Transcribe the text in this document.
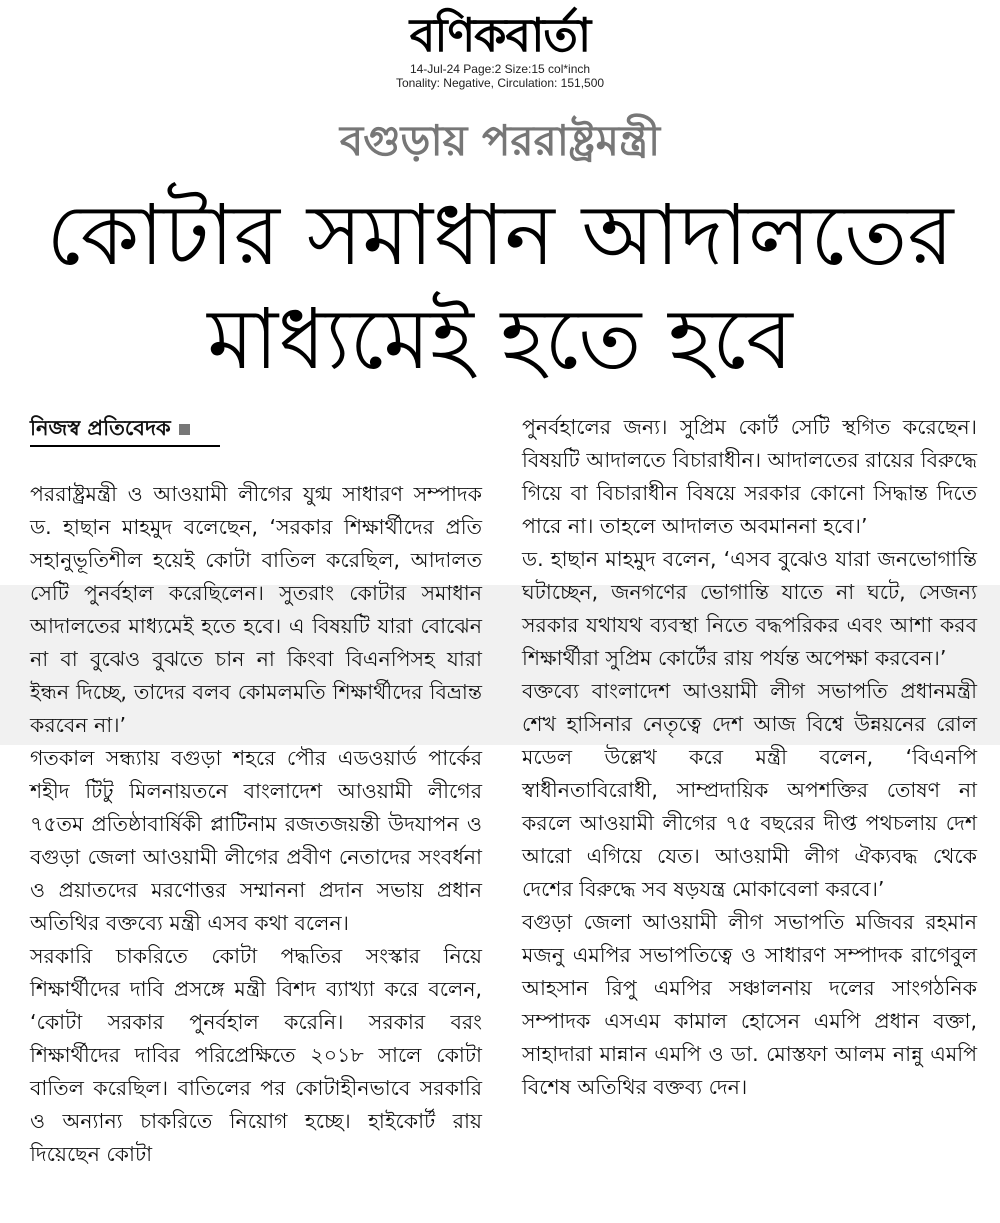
বণিকবার্তা
14-Jul-24 Page:2 Size:15 col*inch
Tonality: Negative, Circulation: 151,500
বগুড়ায় পররাষ্ট্রমন্ত্রী
কোটার সমাধান আদালতের
মাধ্যমেই হতে হবে
নিজস্ব প্রতিবেদক

পররাষ্ট্রমন্ত্রী ও আওয়ামী লীগের যুগ্ম সাধারণ সম্পাদক ড. হাছান মাহমুদ বলেছেন, ‘সরকার শিক্ষার্থীদের প্রতি সহানুভূতিশীল হয়েই কোটা বাতিল করেছিল, আদালত সেটি পুনর্বহাল করেছিলেন। সুতরাং কোটার সমাধান আদালতের মাধ্যমেই হতে হবে। এ বিষয়টি যারা বোঝেন না বা বুঝেও বুঝতে চান না কিংবা বিএনপিসহ যারা ইন্ধন দিচ্ছে, তাদের বলব কোমলমতি শিক্ষার্থীদের বিভ্রান্ত করবেন না।’

গতকাল সন্ধ্যায় বগুড়া শহরে পৌর এডওয়ার্ড পার্কের শহীদ টিটু মিলনায়তনে বাংলাদেশ আওয়ামী লীগের ৭৫তম প্রতিষ্ঠাবার্ষিকী প্লাটিনাম রজতজয়ন্তী উদযাপন ও বগুড়া জেলা আওয়ামী লীগের প্রবীণ নেতাদের সংবর্ধনা ও প্রয়াতদের মরণোত্তর সম্মাননা প্রদান সভায় প্রধান অতিথির বক্তব্যে মন্ত্রী এসব কথা বলেন।

সরকারি চাকরিতে কোটা পদ্ধতির সংস্কার নিয়ে শিক্ষার্থীদের দাবি প্রসঙ্গে মন্ত্রী বিশদ ব্যাখ্যা করে বলেন, ‘কোটা সরকার পুনর্বহাল করেনি। সরকার বরং শিক্ষার্থীদের দাবির পরিপ্রেক্ষিতে ২০১৮ সালে কোটা বাতিল করেছিল। বাতিলের পর কোটাহীনভাবে সরকারি ও অন্যান্য চাকরিতে নিয়োগ হচ্ছে। হাইকোর্ট রায় দিয়েছেন কোটা

পুনর্বহালের জন্য। সুপ্রিম কোর্ট সেটি স্থগিত করেছেন। বিষয়টি আদালতে বিচারাধীন। আদালতের রায়ের বিরুদ্ধে গিয়ে বা বিচারাধীন বিষয়ে সরকার কোনো সিদ্ধান্ত দিতে পারে না। তাহলে আদালত অবমাননা হবে।’

ড. হাছান মাহমুদ বলেন, ‘এসব বুঝেও যারা জনভোগান্তি ঘটাচ্ছেন, জনগণের ভোগান্তি যাতে না ঘটে, সেজন্য সরকার যথাযথ ব্যবস্থা নিতে বদ্ধপরিকর এবং আশা করব শিক্ষার্থীরা সুপ্রিম কোর্টের রায় পর্যন্ত অপেক্ষা করবেন।’

বক্তব্যে বাংলাদেশ আওয়ামী লীগ সভাপতি প্রধানমন্ত্রী শেখ হাসিনার নেতৃত্বে দেশ আজ বিশ্বে উন্নয়নের রোল মডেল উল্লেখ করে মন্ত্রী বলেন, ‘বিএনপি স্বাধীনতাবিরোধী, সাম্প্রদায়িক অপশক্তির তোষণ না করলে আওয়ামী লীগের ৭৫ বছরের দীপ্ত পথচলায় দেশ আরো এগিয়ে যেত। আওয়ামী লীগ ঐক্যবদ্ধ থেকে দেশের বিরুদ্ধে সব ষড়যন্ত্র মোকাবেলা করবে।’

বগুড়া জেলা আওয়ামী লীগ সভাপতি মজিবর রহমান মজনু এমপির সভাপতিত্বে ও সাধারণ সম্পাদক রাগেবুল আহসান রিপু এমপির সঞ্চালনায় দলের সাংগঠনিক সম্পাদক এসএম কামাল হোসেন এমপি প্রধান বক্তা, সাহাদারা মান্নান এমপি ও ডা. মোস্তফা আলম নান্নু এমপি বিশেষ অতিথির বক্তব্য দেন।
